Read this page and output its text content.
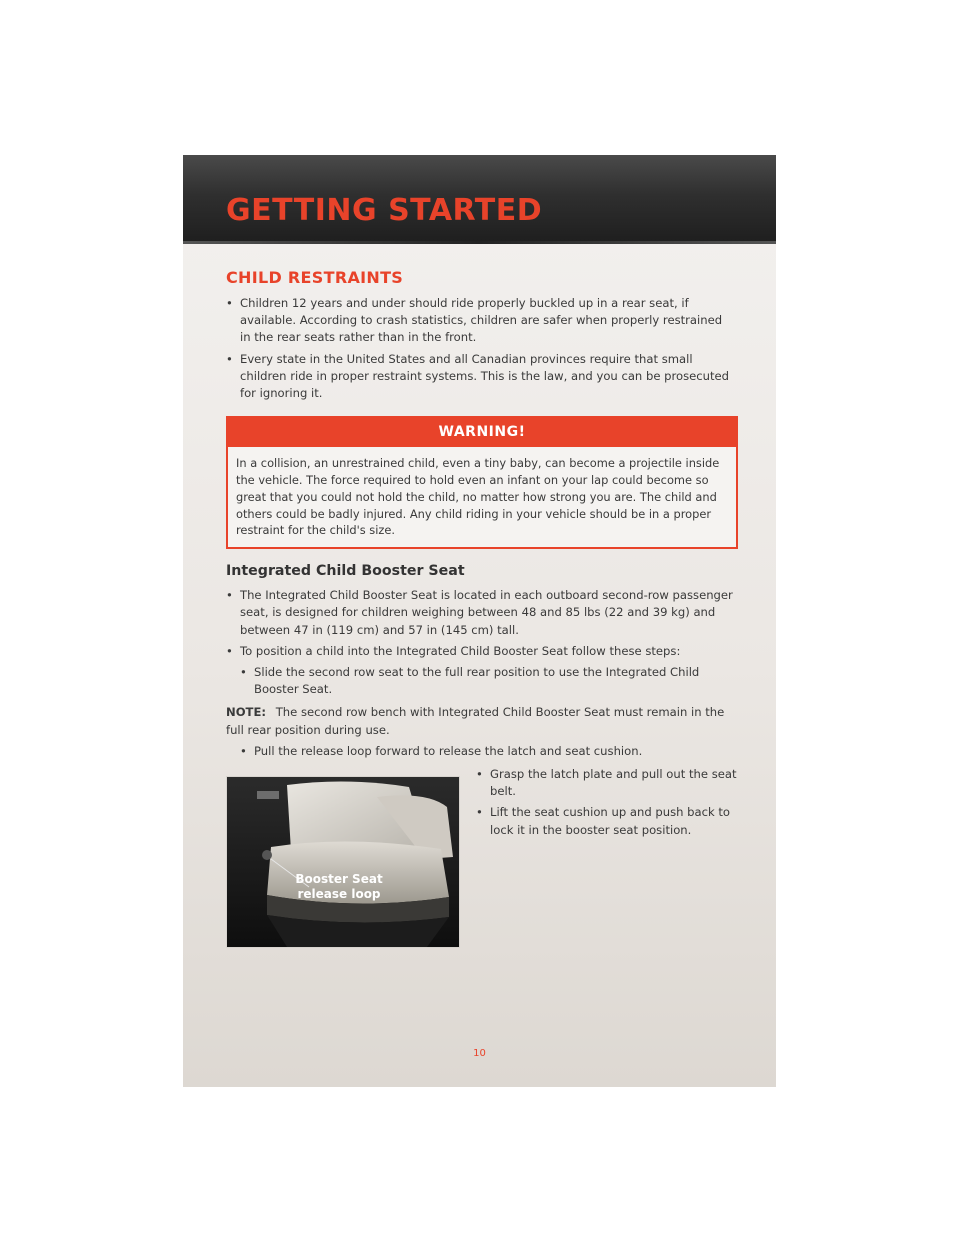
GETTING STARTED
CHILD RESTRAINTS
• Children 12 years and under should ride properly buckled up in a rear seat, if available. According to crash statistics, children are safer when properly restrained in the rear seats rather than in the front.
• Every state in the United States and all Canadian provinces require that small children ride in proper restraint systems. This is the law, and you can be prosecuted for ignoring it.
WARNING!
In a collision, an unrestrained child, even a tiny baby, can become a projectile inside the vehicle. The force required to hold even an infant on your lap could become so great that you could not hold the child, no matter how strong you are. The child and others could be badly injured. Any child riding in your vehicle should be in a proper restraint for the child's size.
Integrated Child Booster Seat
• The Integrated Child Booster Seat is located in each outboard second-row passenger seat, is designed for children weighing between 48 and 85 lbs (22 and 39 kg) and between 47 in (119 cm) and 57 in (145 cm) tall.
• To position a child into the Integrated Child Booster Seat follow these steps:
• Slide the second row seat to the full rear position to use the Integrated Child Booster Seat.
NOTE: The second row bench with Integrated Child Booster Seat must remain in the full rear position during use.
• Pull the release loop forward to release the latch and seat cushion.
Booster Seat
release loop
• Grasp the latch plate and pull out the seat belt.
• Lift the seat cushion up and push back to lock it in the booster seat position.
10
